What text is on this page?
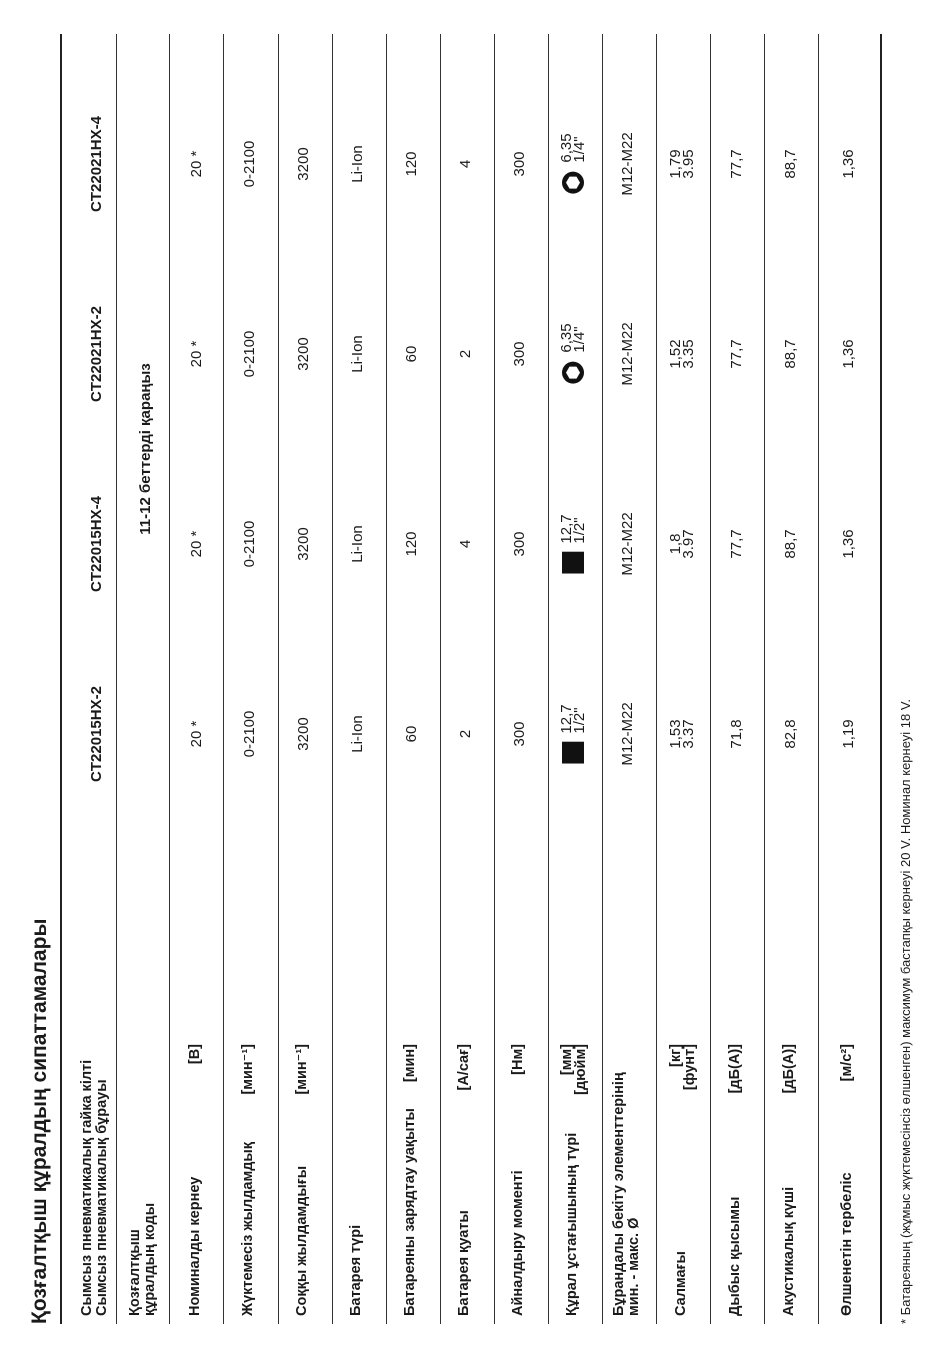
Қозғалтқыш құралдың сипаттамалары Сымсыз пневматикалық гайка кілті Сымсыз пневматикалық бұрауы
CT22015HX-2
CT22015HX-4
CT22021HX-2
CT22021HX-4
Қозғалтқыш құралдың коды
11-12 беттерді қараңыз
Номиналды кернеу
[В]
20 *
20 *
20 *
20 *
Жүктемесіз жылдамдық
[мин⁻¹]
0-2100
0-2100
0-2100
0-2100
Соққы жылдамдығы
[мин⁻¹]
3200
3200
3200
3200
Батарея түрі
Li-Ion
Li-Ion
Li-Ion
Li-Ion
Батареяны зарядтау уақыты
[мин]
60
120
60
120
Батарея қуаты
[А/сағ]
2
4
2
4
Айналдыру моменті
[Нм]
300
300
300
300
Құрал ұстағышының түрі
[мм]
[дюйм]
12,7
1/2"
12,7
1/2"
6,35
1/4"
6,35
1/4"
Бұрандалы бекіту элементтерінің мин. - макс. Ø
M12-M22
M12-M22
M12-M22
M12-M22
Салмағы
[кг]
[фунт]
1,53
3.37
1,8
3.97
1,52
3.35
1,79
3.95
Дыбыс қысымы
[дБ(A)]
71,8
77,7
77,7
77,7
Акустикалық күші
[дБ(A)]
82,8
88,7
88,7
88,7
Өлшенетін тербеліс
[м/с²]
1,19
1,36
1,36
1,36
* Батареяның (жұмыс жүктемесінсіз өлшенген) максимум бастапқы кернеуі 20 V. Номинал кернеуі 18 V.
